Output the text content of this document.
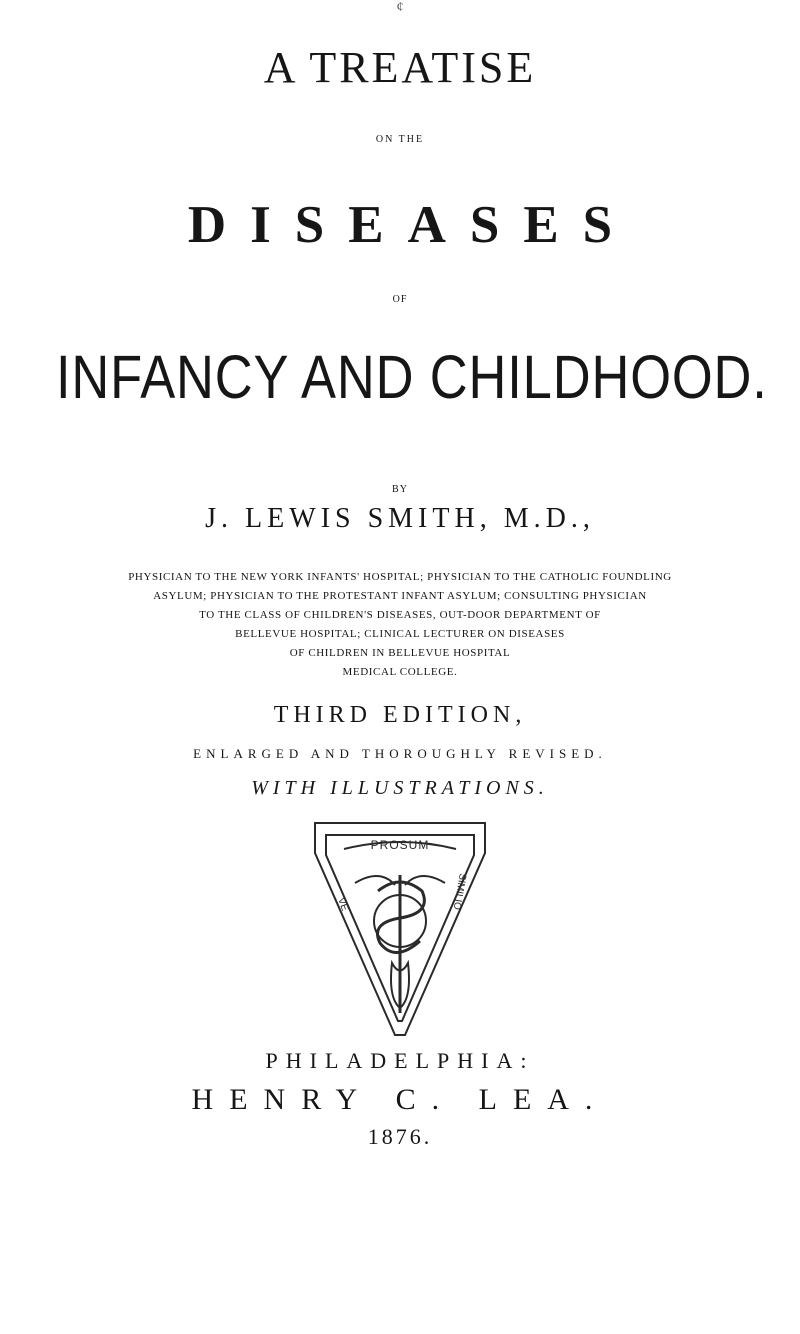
¢
A TREATISE
ON THE
DISEASES
OF
INFANCY AND CHILDHOOD.
BY
J. LEWIS SMITH, M.D.,
PHYSICIAN TO THE NEW YORK INFANTS' HOSPITAL; PHYSICIAN TO THE CATHOLIC FOUNDLING
ASYLUM; PHYSICIAN TO THE PROTESTANT INFANT ASYLUM; CONSULTING PHYSICIAN
TO THE CLASS OF CHILDREN'S DISEASES, OUT-DOOR DEPARTMENT OF
BELLEVUE HOSPITAL; CLINICAL LECTURER ON DISEASES
OF CHILDREN IN BELLEVUE HOSPITAL
MEDICAL COLLEGE.
THIRD EDITION,
ENLARGED AND THOROUGHLY REVISED.
WITH ILLUSTRATIONS.
PROSUM
VE	SIMILIO
PHILADELPHIA:
HENRY C. LEA.
1876.
